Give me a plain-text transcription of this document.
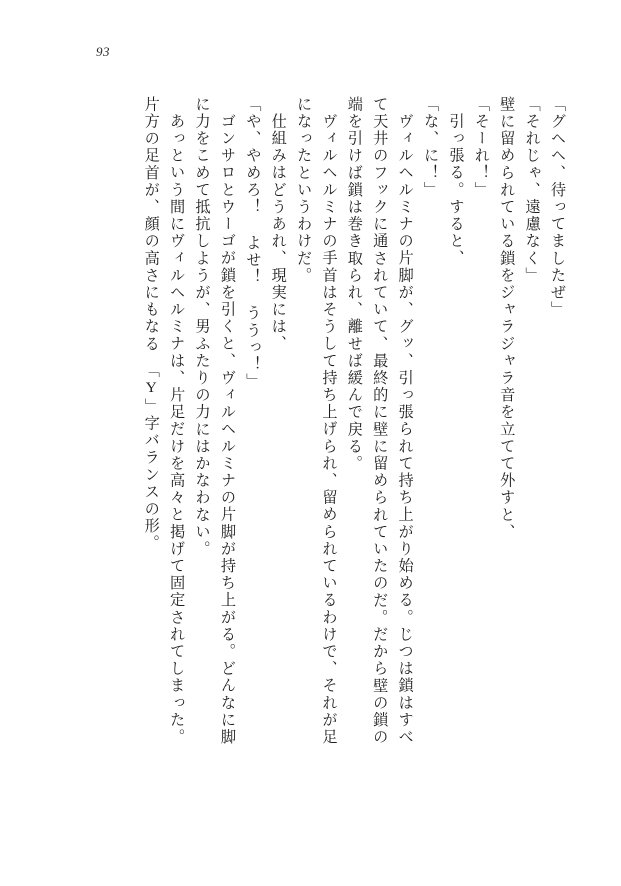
93
「グヘヘ、待ってましたぜ」
「それじゃ、遠慮なく」
壁に留められている鎖をジャラジャラ音を立てて外すと、
「そーれ！」
引っ張る。すると、
「な、に！」
ヴィルヘルミナの片脚が、グッ、引っ張られて持ち上がり始める。じつは鎖はすべ
て天井のフックに通されていて、最終的に壁に留められていたのだ。だから壁の鎖の
端を引けば鎖は巻き取られ、離せば緩んで戻る。
ヴィルヘルミナの手首はそうして持ち上げられ、留められているわけで、それが足
になったというわけだ。
仕組みはどうあれ、現実には、
「や、やめろ！ よせ！ ううっ！」
ゴンサロとウーゴが鎖を引くと、ヴィルヘルミナの片脚が持ち上がる。どんなに脚
に力をこめて抵抗しようが、男ふたりの力にはかなわない。
あっという間にヴィルヘルミナは、片足だけを高々と掲げて固定されてしまった。
片方の足首が、顔の高さにもなる　「Y」字バランスの形。
